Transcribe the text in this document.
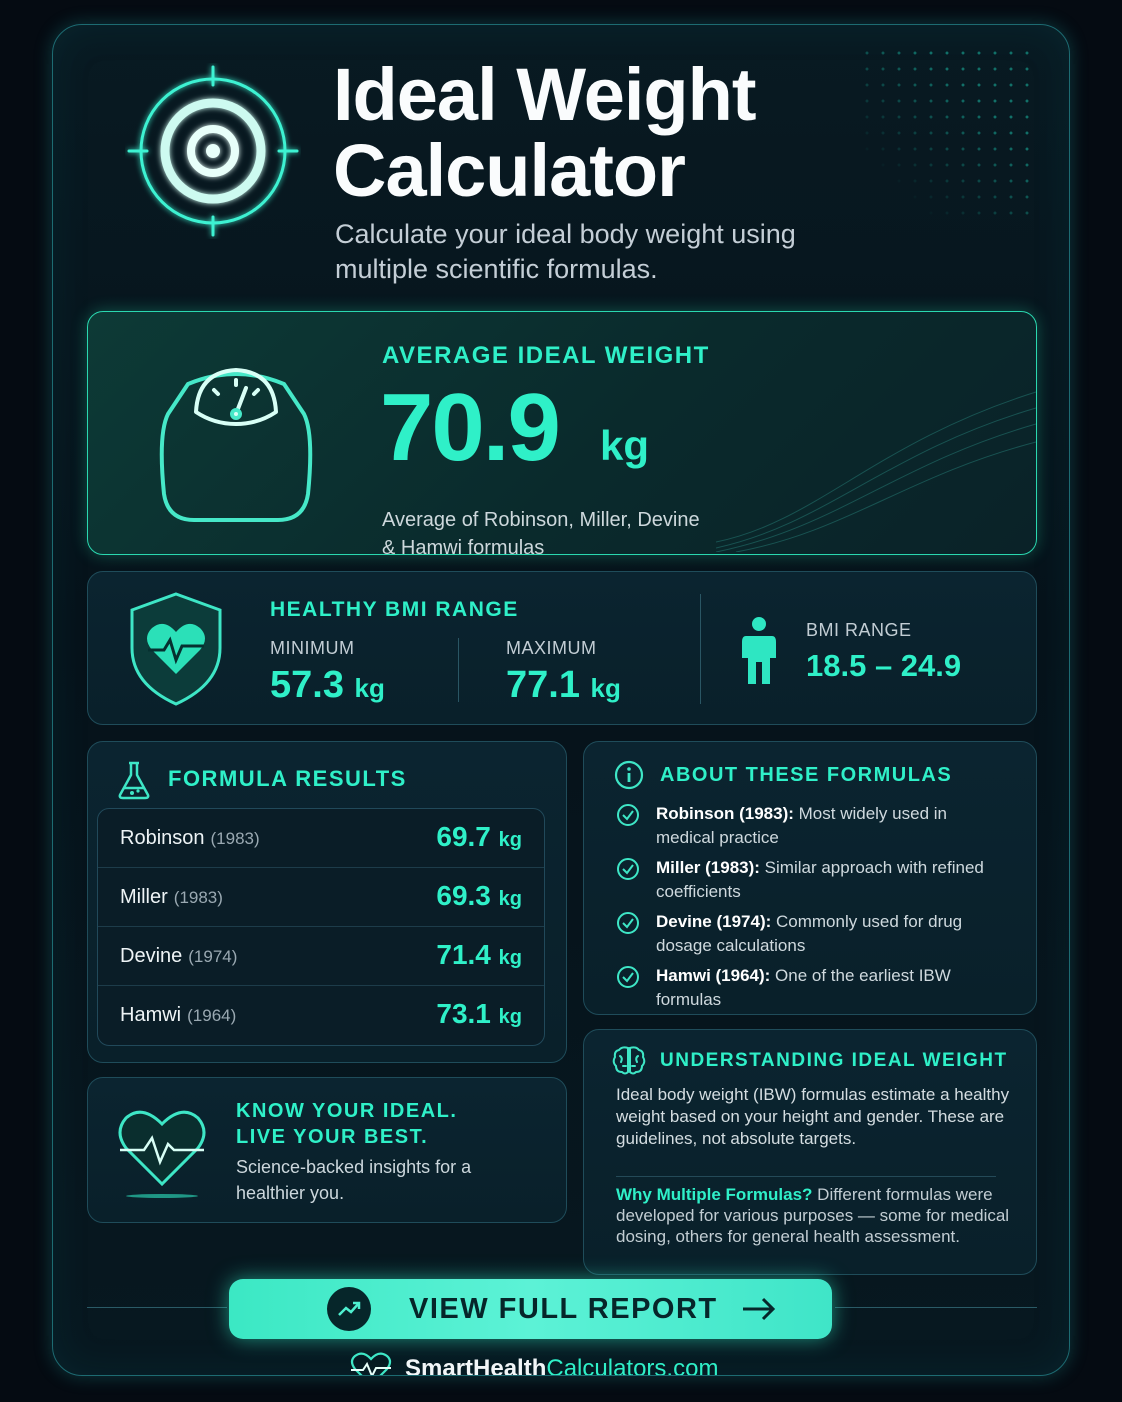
Ideal Weight
Calculator
Calculate your ideal body weight using multiple scientific formulas.
AVERAGE IDEAL WEIGHT
70.9 kg
Average of Robinson, Miller, Devine & Hamwi formulas
HEALTHY BMI RANGE
MINIMUM
57.3 kg
MAXIMUM
77.1 kg
BMI RANGE
18.5 – 24.9
FORMULA RESULTS
Robinson (1983)	69.7 kg
Miller (1983)	69.3 kg
Devine (1974)	71.4 kg
Hamwi (1964)	73.1 kg
KNOW YOUR IDEAL.
LIVE YOUR BEST.
Science-backed insights for a healthier you.
ABOUT THESE FORMULAS
Robinson (1983): Most widely used in medical practice
Miller (1983): Similar approach with refined coefficients
Devine (1974): Commonly used for drug dosage calculations
Hamwi (1964): One of the earliest IBW formulas
UNDERSTANDING IDEAL WEIGHT
Ideal body weight (IBW) formulas estimate a healthy weight based on your height and gender. These are guidelines, not absolute targets.
Why Multiple Formulas? Different formulas were developed for various purposes — some for medical dosing, others for general health assessment.
VIEW FULL REPORT
SmartHealthCalculators.com
